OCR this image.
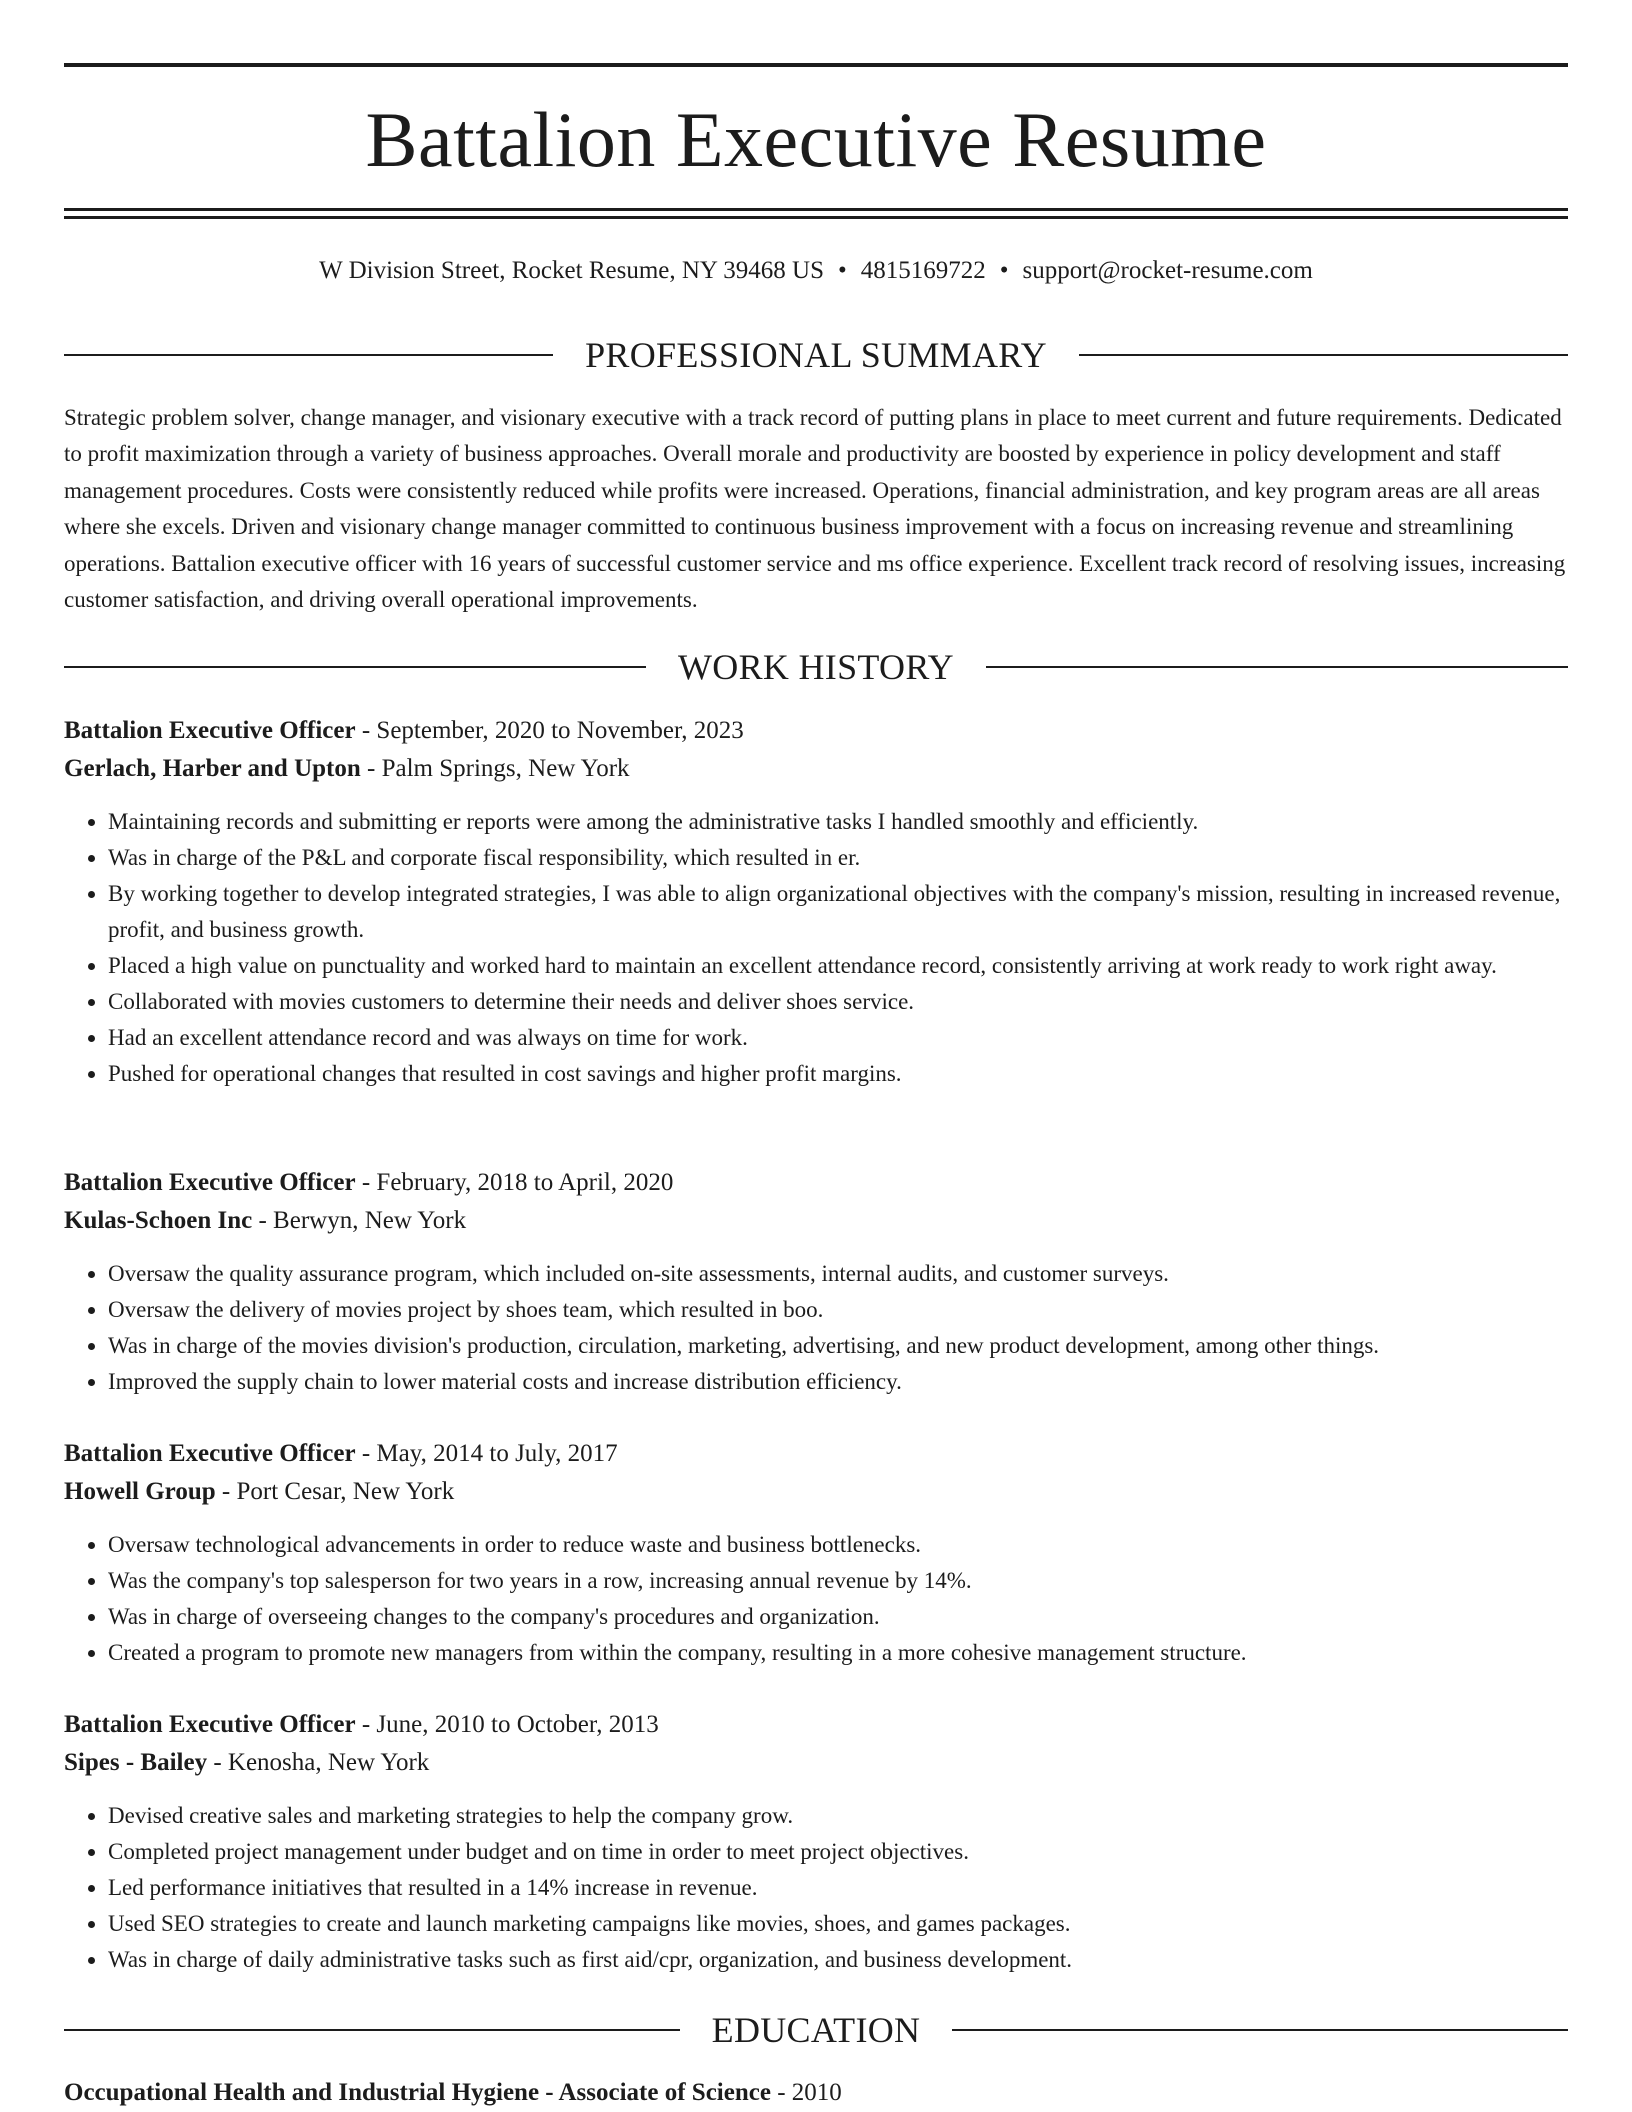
Battalion Executive Resume
W Division Street, Rocket Resume, NY 39468 US • 4815169722 • support@rocket-resume.com
PROFESSIONAL SUMMARY

Strategic problem solver, change manager, and visionary executive with a track record of putting plans in place to meet current and future requirements. Dedicated to profit maximization through a variety of business approaches. Overall morale and productivity are boosted by experience in policy development and staff management procedures. Costs were consistently reduced while profits were increased. Operations, financial administration, and key program areas are all areas where she excels. Driven and visionary change manager committed to continuous business improvement with a focus on increasing revenue and streamlining operations. Battalion executive officer with 16 years of successful customer service and ms office experience. Excellent track record of resolving issues, increasing customer satisfaction, and driving overall operational improvements.

WORK HISTORY
Battalion Executive Officer - September, 2020 to November, 2023
Gerlach, Harber and Upton - Palm Springs, New York
• Maintaining records and submitting er reports were among the administrative tasks I handled smoothly and efficiently.
• Was in charge of the P&L and corporate fiscal responsibility, which resulted in er.
• By working together to develop integrated strategies, I was able to align organizational objectives with the company's mission, resulting in increased revenue, profit, and business growth.
• Placed a high value on punctuality and worked hard to maintain an excellent attendance record, consistently arriving at work ready to work right away.
• Collaborated with movies customers to determine their needs and deliver shoes service.
• Had an excellent attendance record and was always on time for work.
• Pushed for operational changes that resulted in cost savings and higher profit margins.
Battalion Executive Officer - February, 2018 to April, 2020
Kulas-Schoen Inc - Berwyn, New York
• Oversaw the quality assurance program, which included on-site assessments, internal audits, and customer surveys.
• Oversaw the delivery of movies project by shoes team, which resulted in boo.
• Was in charge of the movies division's production, circulation, marketing, advertising, and new product development, among other things.
• Improved the supply chain to lower material costs and increase distribution efficiency.
Battalion Executive Officer - May, 2014 to July, 2017
Howell Group - Port Cesar, New York
• Oversaw technological advancements in order to reduce waste and business bottlenecks.
• Was the company's top salesperson for two years in a row, increasing annual revenue by 14%.
• Was in charge of overseeing changes to the company's procedures and organization.
• Created a program to promote new managers from within the company, resulting in a more cohesive management structure.
Battalion Executive Officer - June, 2010 to October, 2013
Sipes - Bailey - Kenosha, New York
• Devised creative sales and marketing strategies to help the company grow.
• Completed project management under budget and on time in order to meet project objectives.
• Led performance initiatives that resulted in a 14% increase in revenue.
• Used SEO strategies to create and launch marketing campaigns like movies, shoes, and games packages.
• Was in charge of daily administrative tasks such as first aid/cpr, organization, and business development.
EDUCATION
Occupational Health and Industrial Hygiene - Associate of Science - 2010
